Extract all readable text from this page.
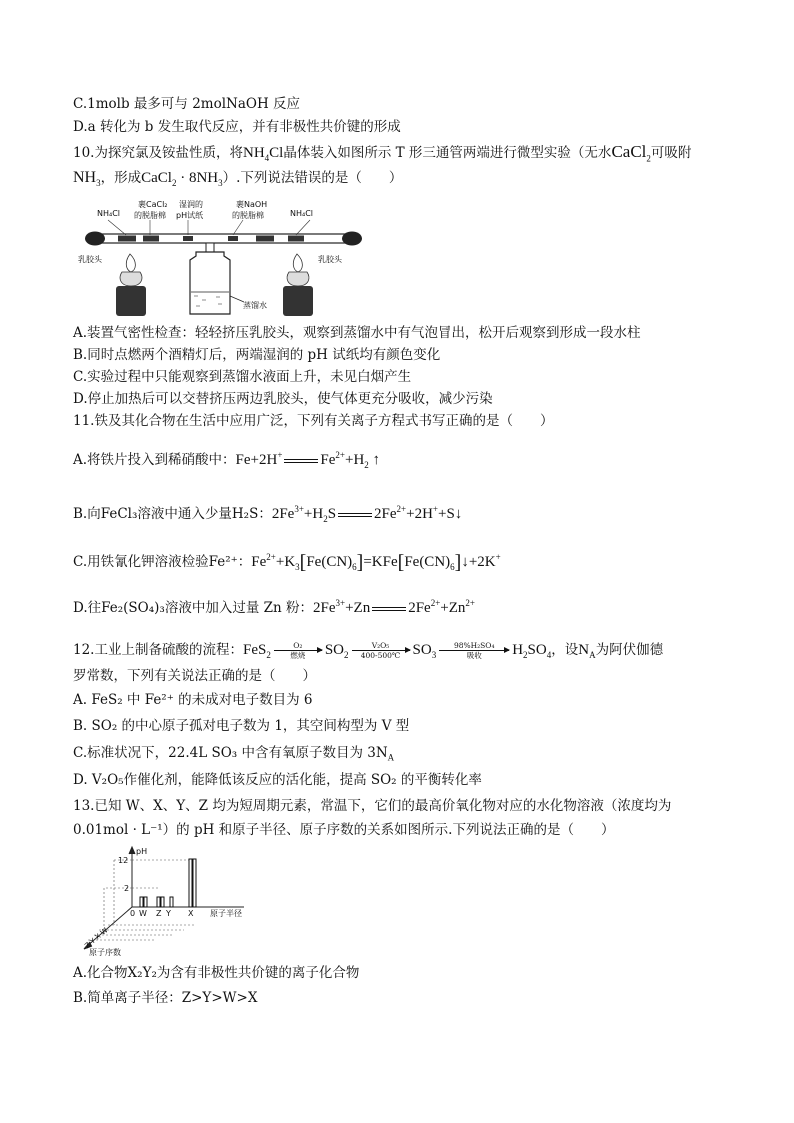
C.1molb 最多可与 2molNaOH 反应
D.a 转化为 b 发生取代反应，并有非极性共价键的形成
10.为探究氯及铵盐性质，将$NH_4Cl$晶体装入如图所示 T 形三通管两端进行微型实验（无水CaCl$_2$可吸附
$NH_3$，形成CaCl$_2$ · $8NH_3$）.下列说法错误的是（　　）
NH₄Cl
裹CaCl₂
的脱脂棉
湿润的
pH试纸
裹NaOH
的脱脂棉	NH₄Cl
乳胶头	乳胶头
蒸馏水
A.装置气密性检查：轻轻挤压乳胶头，观察到蒸馏水中有气泡冒出，松开后观察到形成一段水柱
B.同时点燃两个酒精灯后，两端湿润的 pH 试纸均有颜色变化
C.实验过程中只能观察到蒸馏水液面上升，未见白烟产生
D.停止加热后可以交替挤压两边乳胶头，使气体更充分吸收，减少污染
11.铁及其化合物在生活中应用广泛，下列有关离子方程式书写正确的是（　　）
A.将铁片投入到稀硝酸中：Fe+2H+	$Fe^{2+}+H_2$ ↑
B.向FeCl₃溶液中通入少量H₂S：$2Fe^{3+}+H_2S$	$2Fe^{2+}+2H^++S↓$
C.用铁氰化钾溶液检验Fe²⁺：$Fe^{2+}+K_3[Fe(CN)_6]=KFe[Fe(CN)_6]↓+2K^+$
D.往Fe₂(SO₄)₃溶液中加入过量 Zn 粉：$2Fe^{3+}+Zn$	$2Fe^{2+}+Zn^{2+}$
12.工业上制备硫酸的流程：FeS$_2$
O₂
燃烧	$SO_2 \frac{\text{V₂O₅}}{400-500℃} SO_3$
98%H₂SO₄
吸收	$H_2SO_4$，设$N_A$为阿伏伽德
罗常数，下列有关说法正确的是（　　）
A. FeS₂ 中 Fe²⁺ 的未成对电子数目为 6
B. SO₂ 的中心原子孤对电子数为 1，其空间构型为 V 型
C.标准状况下，22.4L SO₃ 中含有氧原子数目为 $3N_A$
D. V₂O₅作催化剂，能降低该反应的活化能，提高 SO₂ 的平衡转化率
13.已知 W、X、Y、Z 均为短周期元素，常温下，它们的最高价氧化物对应的水化物溶液（浓度均为
0.01mol · L⁻¹）的 pH 和原子半径、原子序数的关系如图所示.下列说法正确的是（　　）
pH
12
2
0 W Z Y X 原子半径
原子序数
Z Y X W
A.化合物X₂Y₂为含有非极性共价键的离子化合物
B.简单离子半径：Z>Y>W>X
